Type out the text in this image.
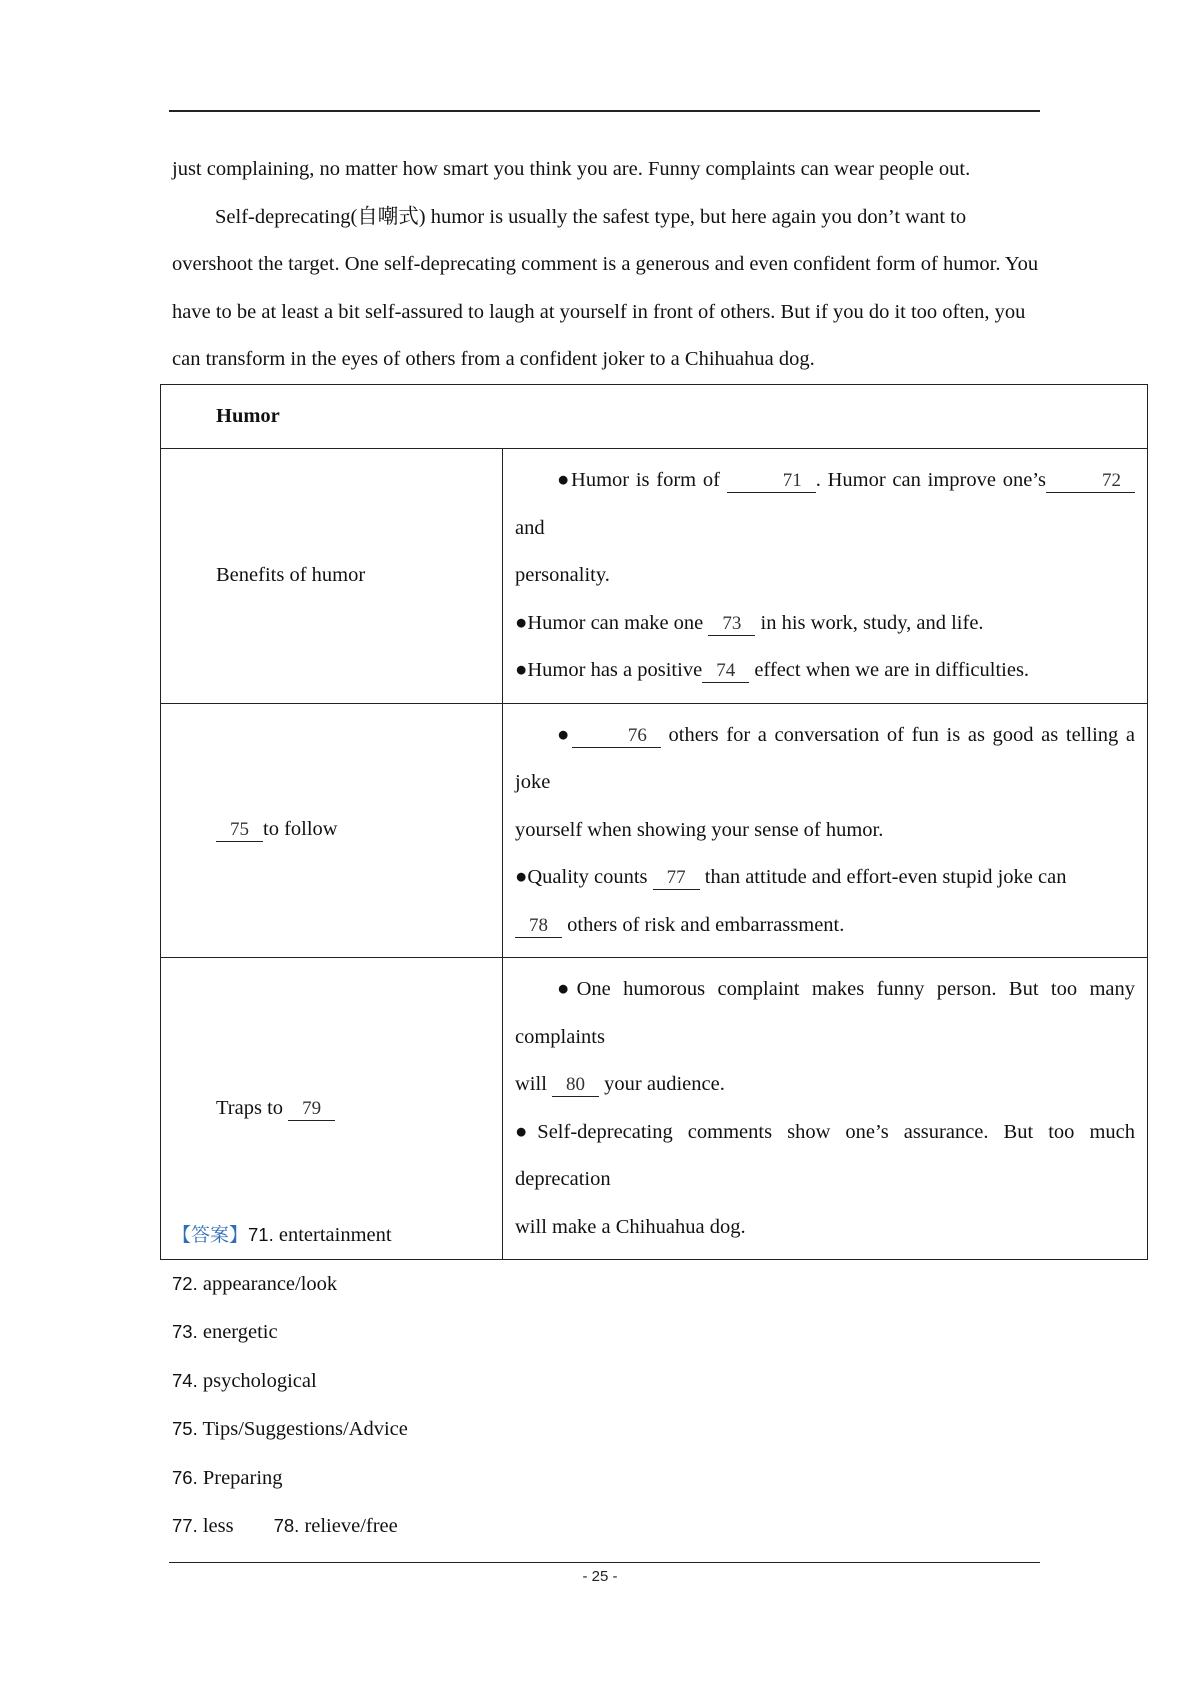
just complaining, no matter how smart you think you are. Funny complaints can wear people out.

Self-deprecating(自嘲式) humor is usually the safest type, but here again you don’t want to overshoot the target. One self-deprecating comment is a generous and even confident form of humor. You have to be at least a bit self-assured to laugh at yourself in front of others. But if you do it too often, you can transform in the eyes of others from a confident joker to a Chihuahua dog.

Humor	
Benefits of humor	●Humor is form of 71 . Humor can improve one’s 72 and

personality.

●Humor can make one 73 in his work, study, and life.

●Humor has a positive 74 effect when we are in difficulties.

75 to follow	● 76 others for a conversation of fun is as good as telling a joke

yourself when showing your sense of humor.

●Quality counts 77 than attitude and effort-even stupid joke can

78 others of risk and embarrassment.

Traps to 79	●One humorous complaint makes funny person. But too many complaints

will 80 your audience.

●Self-deprecating comments show one’s assurance. But too much deprecation

will make a Chihuahua dog.

【答案】71. entertainment

72. appearance/look

73. energetic

74. psychological

75. Tips/Suggestions/Advice

76. Preparing

77. less 78. relieve/free

- 25 -
